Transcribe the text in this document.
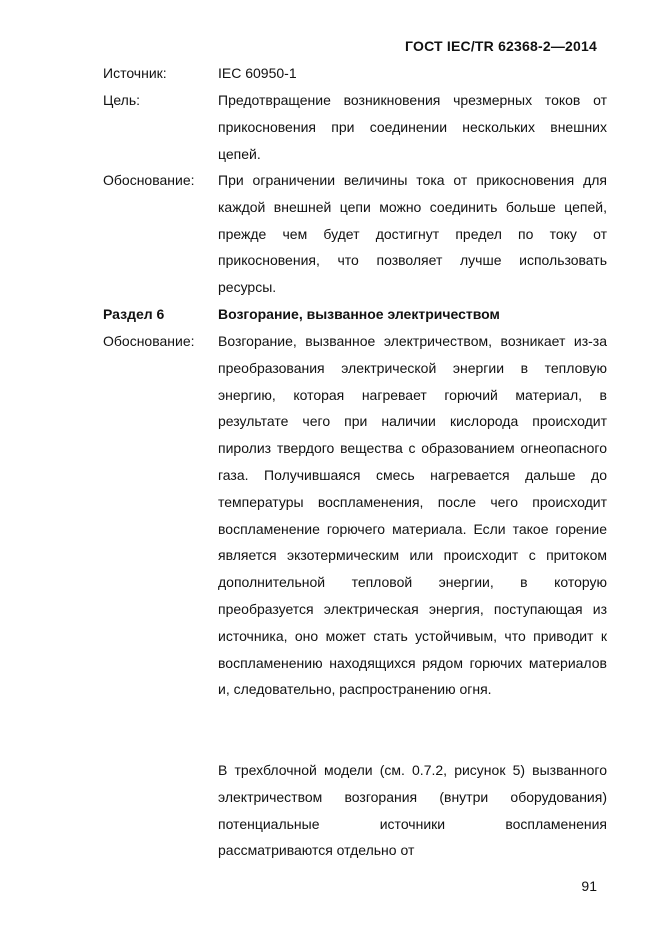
ГОСТ IEC/TR 62368-2—2014
Источник:	IEC 60950-1
Цель:	Предотвращение возникновения чрезмерных токов от прикосновения при соединении нескольких внешних цепей.
Обоснование: При ограничении величины тока от прикосновения для каждой внешней цепи можно соединить больше цепей, прежде чем будет достигнут предел по току от прикосновения, что позволяет лучше использовать ресурсы.
Раздел 6	Возгорание, вызванное электричеством
Обоснование: Возгорание, вызванное электричеством, возникает из-за преобразования электрической энергии в тепловую энергию, которая нагревает горючий материал, в результате чего при наличии кислорода происходит пиролиз твердого вещества с образованием огнеопасного газа. Получившаяся смесь нагревается дальше до температуры воспламенения, после чего происходит воспламенение горючего материала. Если такое горение является экзотермическим или происходит с притоком дополнительной тепловой энергии, в которую преобразуется электрическая энергия, поступающая из источника, оно может стать устойчивым, что приводит к воспламенению находящихся рядом горючих материалов и, следовательно, распространению огня.
В трехблочной модели (см. 0.7.2, рисунок 5) вызванного электричеством возгорания (внутри оборудования) потенциальные источники воспламенения рассматриваются отдельно от
91
